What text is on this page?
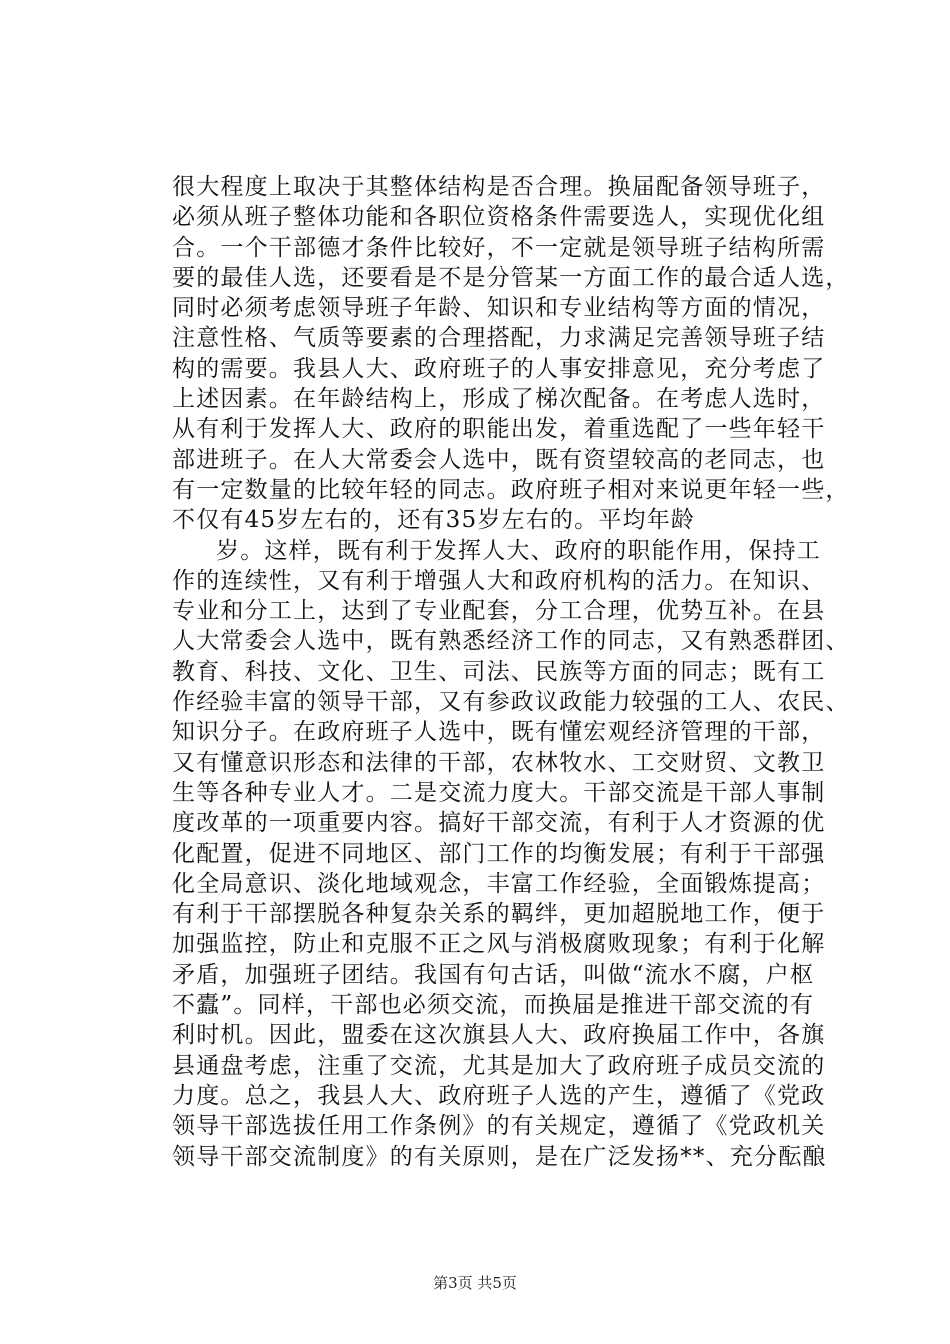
很大程度上取决于其整体结构是否合理。换届配备领导班子，
必须从班子整体功能和各职位资格条件需要选人，实现优化组
合。一个干部德才条件比较好，不一定就是领导班子结构所需
要的最佳人选，还要看是不是分管某一方面工作的最合适人选，
同时必须考虑领导班子年龄、知识和专业结构等方面的情况，
注意性格、气质等要素的合理搭配，力求满足完善领导班子结
构的需要。我县人大、政府班子的人事安排意见，充分考虑了
上述因素。在年龄结构上，形成了梯次配备。在考虑人选时，
从有利于发挥人大、政府的职能出发，着重选配了一些年轻干
部进班子。在人大常委会人选中，既有资望较高的老同志，也
有一定数量的比较年轻的同志。政府班子相对来说更年轻一些，
不仅有45岁左右的，还有35岁左右的。平均年龄
岁。这样，既有利于发挥人大、政府的职能作用，保持工
作的连续性，又有利于增强人大和政府机构的活力。在知识、
专业和分工上，达到了专业配套，分工合理，优势互补。在县
人大常委会人选中，既有熟悉经济工作的同志，又有熟悉群团、
教育、科技、文化、卫生、司法、民族等方面的同志；既有工
作经验丰富的领导干部，又有参政议政能力较强的工人、农民、
知识分子。在政府班子人选中，既有懂宏观经济管理的干部，
又有懂意识形态和法律的干部，农林牧水、工交财贸、文教卫
生等各种专业人才。二是交流力度大。干部交流是干部人事制
度改革的一项重要内容。搞好干部交流，有利于人才资源的优
化配置，促进不同地区、部门工作的均衡发展；有利于干部强
化全局意识、淡化地域观念，丰富工作经验，全面锻炼提高；
有利于干部摆脱各种复杂关系的羁绊，更加超脱地工作，便于
加强监控，防止和克服不正之风与消极腐败现象；有利于化解
矛盾，加强班子团结。我国有句古话，叫做“流水不腐，户枢
不蠹”。同样，干部也必须交流，而换届是推进干部交流的有
利时机。因此，盟委在这次旗县人大、政府换届工作中，各旗
县通盘考虑，注重了交流，尤其是加大了政府班子成员交流的
力度。总之，我县人大、政府班子人选的产生，遵循了《党政
领导干部选拔任用工作条例》的有关规定，遵循了《党政机关
领导干部交流制度》的有关原则，是在广泛发扬**、充分酝酿
第3页 共5页
